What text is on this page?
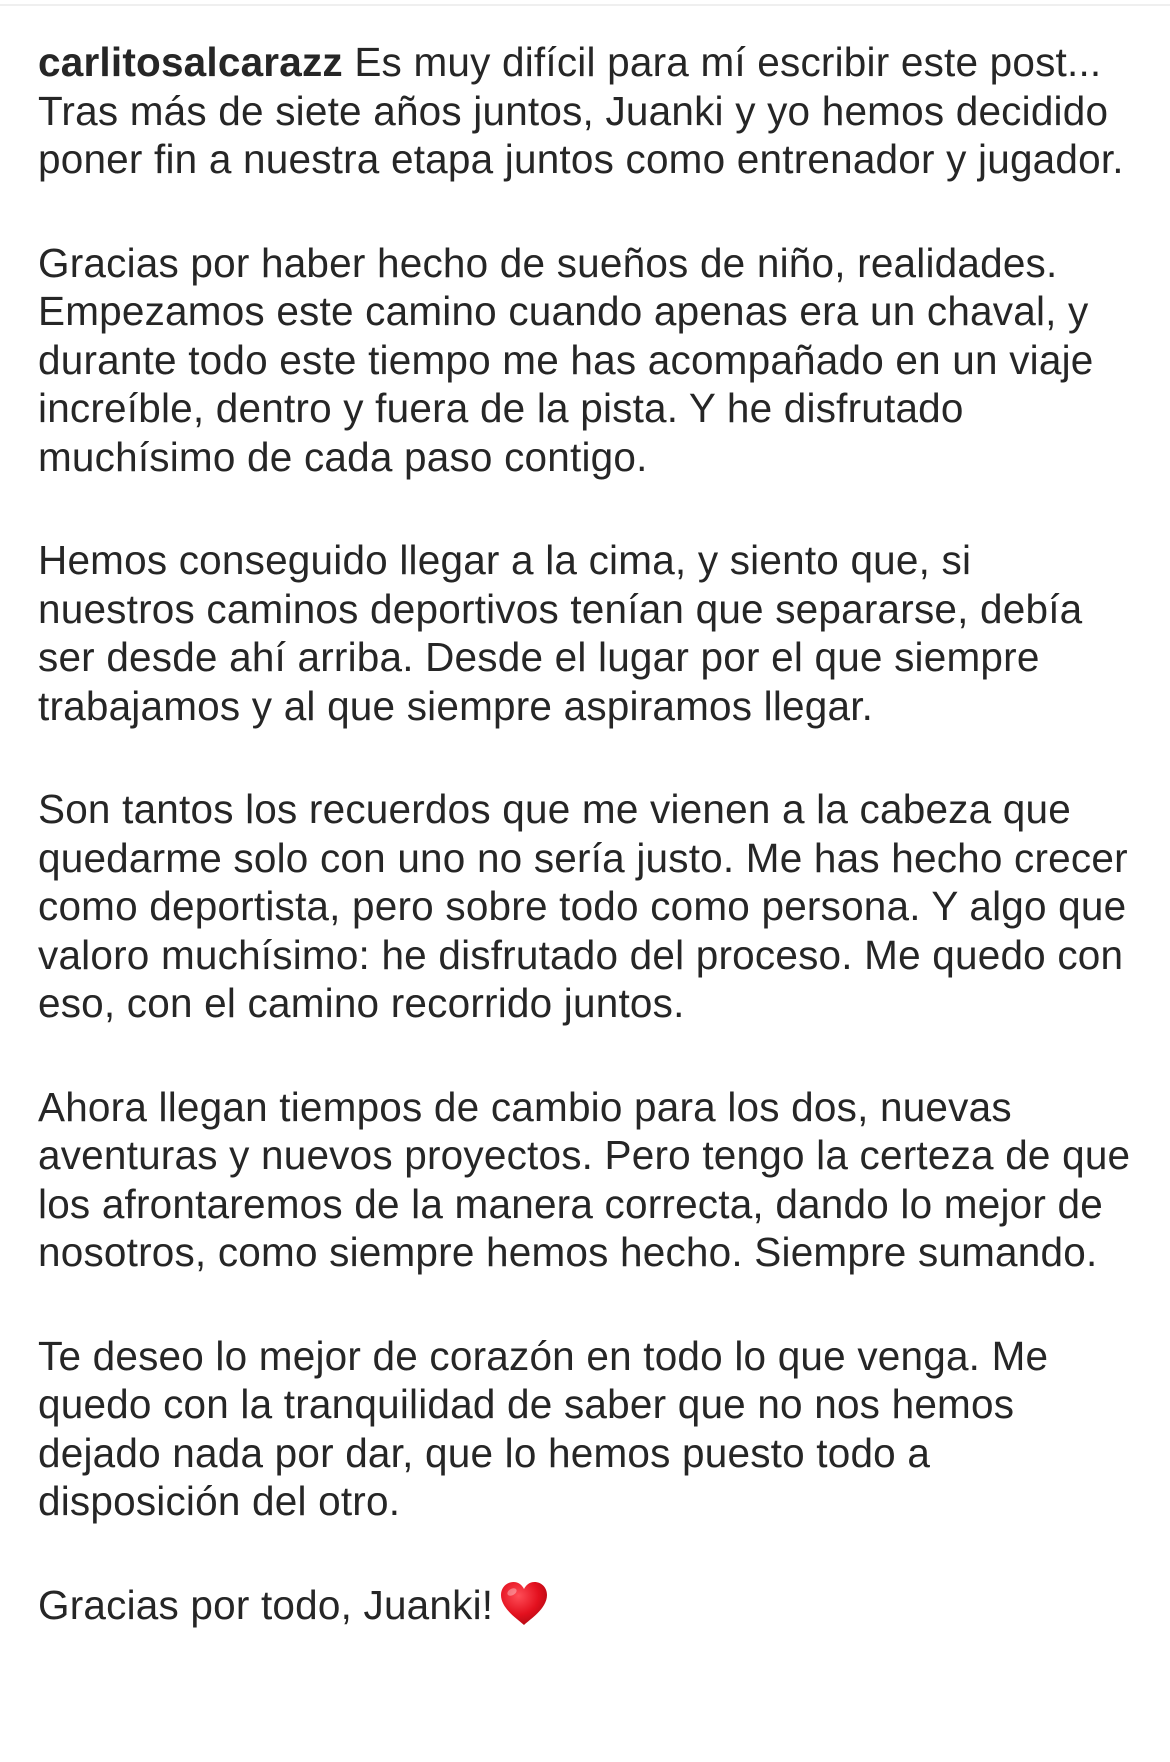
carlitosalcarazz Es muy difícil para mí escribir este post... Tras más de siete años juntos, Juanki y yo hemos decidido poner fin a nuestra etapa juntos como entrenador y jugador.

Gracias por haber hecho de sueños de niño, realidades. Empezamos este camino cuando apenas era un chaval, y durante todo este tiempo me has acompañado en un viaje increíble, dentro y fuera de la pista. Y he disfrutado muchísimo de cada paso contigo.

Hemos conseguido llegar a la cima, y siento que, si nuestros caminos deportivos tenían que separarse, debía ser desde ahí arriba. Desde el lugar por el que siempre trabajamos y al que siempre aspiramos llegar.

Son tantos los recuerdos que me vienen a la cabeza que quedarme solo con uno no sería justo. Me has hecho crecer como deportista, pero sobre todo como persona. Y algo que valoro muchísimo: he disfrutado del proceso. Me quedo con eso, con el camino recorrido juntos.

Ahora llegan tiempos de cambio para los dos, nuevas aventuras y nuevos proyectos. Pero tengo la certeza de que los afrontaremos de la manera correcta, dando lo mejor de nosotros, como siempre hemos hecho. Siempre sumando.

Te deseo lo mejor de corazón en todo lo que venga. Me quedo con la tranquilidad de saber que no nos hemos dejado nada por dar, que lo hemos puesto todo a disposición del otro.

Gracias por todo, Juanki!
